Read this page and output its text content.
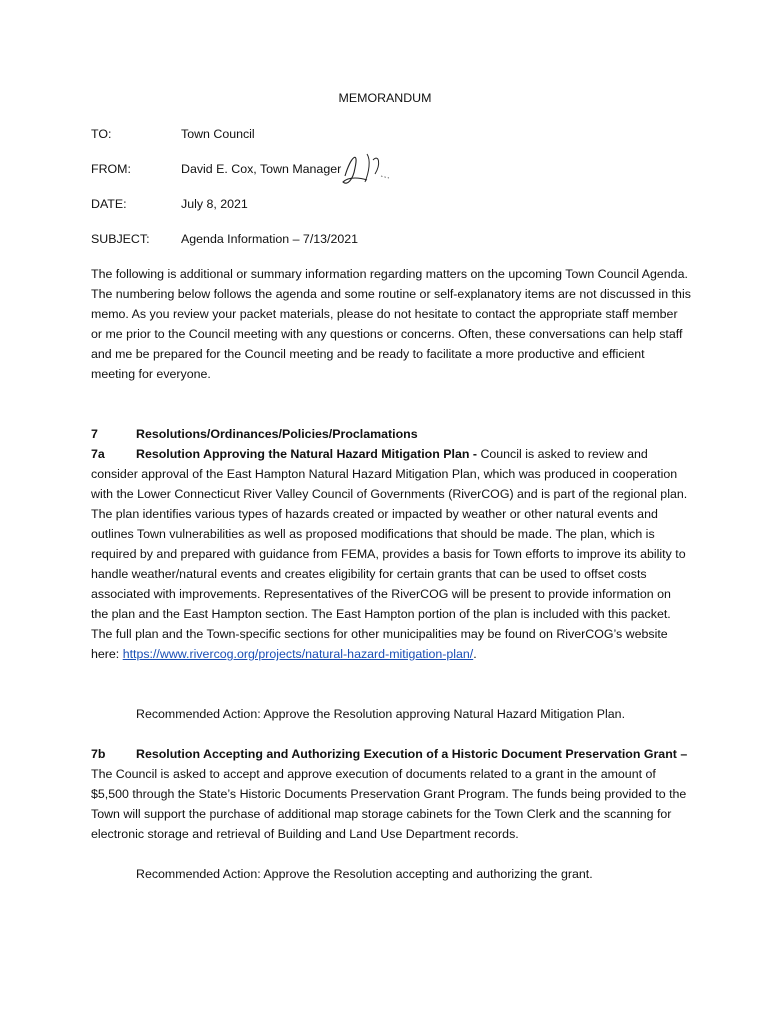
MEMORANDUM
TO:	Town Council
FROM:	David E. Cox, Town Manager
DATE:	July 8, 2021
SUBJECT:	Agenda Information – 7/13/2021
The following is additional or summary information regarding matters on the upcoming Town Council Agenda. The numbering below follows the agenda and some routine or self-explanatory items are not discussed in this memo. As you review your packet materials, please do not hesitate to contact the appropriate staff member or me prior to the Council meeting with any questions or concerns. Often, these conversations can help staff and me be prepared for the Council meeting and be ready to facilitate a more productive and efficient meeting for everyone.
7	Resolutions/Ordinances/Policies/Proclamations
7a	Resolution Approving the Natural Hazard Mitigation Plan - Council is asked to review and consider approval of the East Hampton Natural Hazard Mitigation Plan, which was produced in cooperation with the Lower Connecticut River Valley Council of Governments (RiverCOG) and is part of the regional plan. The plan identifies various types of hazards created or impacted by weather or other natural events and outlines Town vulnerabilities as well as proposed modifications that should be made. The plan, which is required by and prepared with guidance from FEMA, provides a basis for Town efforts to improve its ability to handle weather/natural events and creates eligibility for certain grants that can be used to offset costs associated with improvements. Representatives of the RiverCOG will be present to provide information on the plan and the East Hampton section. The East Hampton portion of the plan is included with this packet. The full plan and the Town-specific sections for other municipalities may be found on RiverCOG’s website here: https://www.rivercog.org/projects/natural-hazard-mitigation-plan/.
Recommended Action: Approve the Resolution approving Natural Hazard Mitigation Plan.
7b Resolution Accepting and Authorizing Execution of a Historic Document Preservation Grant – The Council is asked to accept and approve execution of documents related to a grant in the amount of $5,500 through the State’s Historic Documents Preservation Grant Program. The funds being provided to the Town will support the purchase of additional map storage cabinets for the Town Clerk and the scanning for electronic storage and retrieval of Building and Land Use Department records.
Recommended Action: Approve the Resolution accepting and authorizing the grant.
